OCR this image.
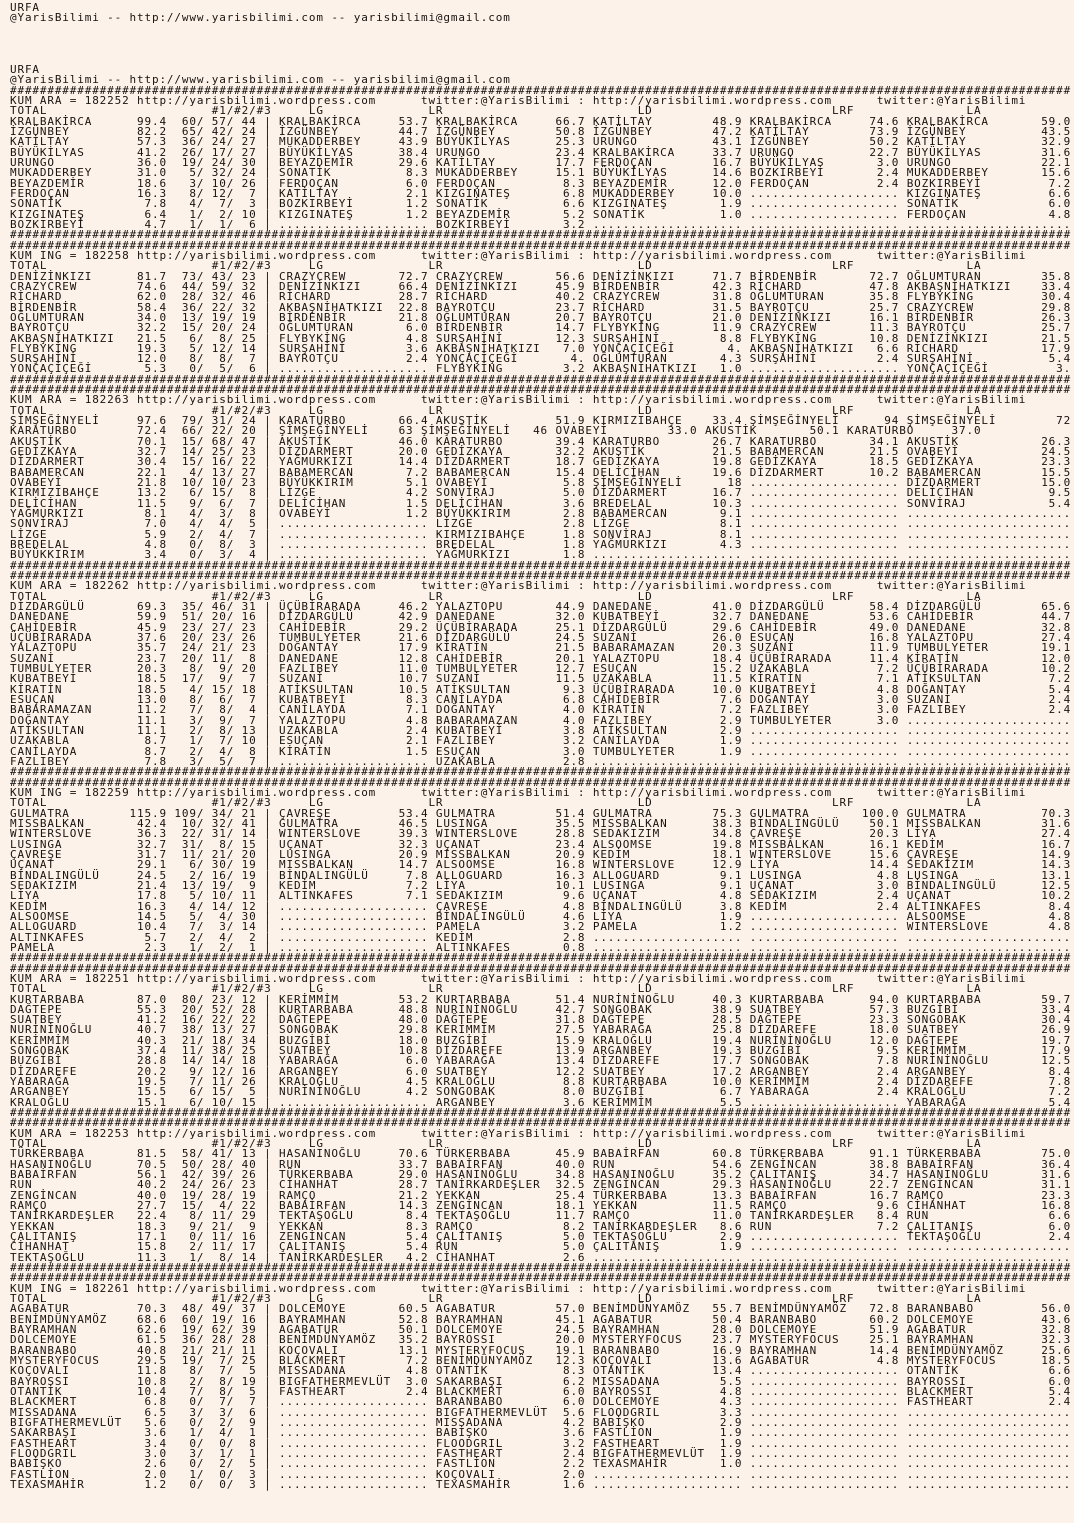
URFA
@YarisBilimi -- http://www.yarisbilimi.com -- yarisbilimi@gmail.com

URFA
@YarisBilimi -- http://www.yarisbilimi.com -- yarisbilimi@gmail.com

##############################################################################################################################################
KUM ARA = 182252 http://yarisbilimi.wordpress.com      twitter:@YarisBilimi : http://yarisbilimi.wordpress.com      twitter:@YarisBilimi
TOTAL                      #1/#2/#3     LG              LR                          LD                        LRF               LA
KRALBAKİRCA      99.4  60/ 57/ 44 | KRALBAKİRCA     53.7 KRALBAKİRCA     66.7 KATİLTAY        48.9 KRALBAKİRCA     74.6 KRALBAKİRCA       59.0
İZGÜNBEY         82.2  65/ 42/ 24 | İZGÜNBEY        44.7 İZGÜNBEY        50.8 İZGÜNBEY        47.2 KATİLTAY        73.9 İZGÜNBEY          43.5
KATİLTAY         57.3  36/ 24/ 27 | MUKADDERBEY     43.9 BÜYÜKİLYAS      25.3 URUNGO          43.1 İZGÜNBEY        50.2 KATİLTAY          32.9
BÜYÜKİLYAS       41.2  26/ 17/ 27 | BÜYÜKİLYAS      38.4 URUNGO          23.4 KRALBAKİRCA     33.7 URUNGO          22.7 BÜYÜKİLYAS        31.6
URUNGO           36.0  19/ 24/ 30 | BEYAZDEMİR      29.6 KATİLTAY        17.7 FERDOÇAN        16.7 BÜYÜKİLYAS       3.0 URUNGO            22.1
MUKADDERBEY      31.0   5/ 32/ 24 | SONATİK          8.3 MUKADDERBEY     15.1 BÜYÜKİLYAS      14.6 BOZKIRBEYİ       2.4 MUKADDERBEY       15.6
BEYAZDEMİR       18.6   3/ 10/ 26 | FERDOÇAN         6.0 FERDOÇAN         8.3 BEYAZDEMİR      12.0 FERDOÇAN         2.4 BOZKIRBEYİ         7.2
FERDOÇAN         16.3   8/ 12/  7 | KATİLTAY         2.1 KIZGINATEŞ       6.8 MUKADDERBEY     10.0 .................... KIZGINATEŞ         6.6
SONATİK           7.8   4/  7/  3 | BOZKIRBEYİ       1.2 SONATİK          6.6 KIZGINATEŞ       1.9 .................... SONATİK            6.0
KIZGINATEŞ        6.4   1/  2/ 10 | KIZGINATEŞ       1.2 BEYAZDEMİR       5.2 SONATİK          1.0 .................... FERDOÇAN           4.8
BOZKIRBEYİ        4.7   1/  1/  6 | .................... BOZKIRBEYİ       3.2 .................... .................... ......................
##############################################################################################################################################
##############################################################################################################################################
KUM ING = 182258 http://yarisbilimi.wordpress.com      twitter:@YarisBilimi : http://yarisbilimi.wordpress.com      twitter:@YarisBilimi
TOTAL                      #1/#2/#3     LG              LR                          LD                        LRF               LA
DENİZİNKIZI      81.7  73/ 43/ 23 | CRAZYCREW       72.7 CRAZYCREW       56.6 DENİZİNKIZI     71.7 BİRDENBİR       72.7 OĞLUMTURAN        35.8
CRAZYCREW        74.6  44/ 59/ 32 | DENİZİNKIZI     66.4 DENİZİNKIZI     45.9 BİRDENBİR       42.3 RİCHARD         47.8 AKBAŞNİHATKIZI    33.4
RİCHARD          62.0  28/ 32/ 46 | RİCHARD         28.7 RİCHARD         40.2 CRAZYCREW       31.8 OĞLUMTURAN      35.8 FLYBYKİNG         30.4
BİRDENBİR        58.4  36/ 22/ 32 | AKBAŞNİHATKIZI  22.8 BAYROTÇU        23.7 RİCHARD         31.5 BAYROTÇU        25.7 CRAZYCREW         29.8
OĞLUMTURAN       34.0  13/ 19/ 19 | BİRDENBİR       21.8 OĞLUMTURAN      20.7 BAYROTÇU        21.0 DENİZİNKIZI     16.1 BİRDENBİR         26.3
BAYROTÇU         32.2  15/ 20/ 24 | OĞLUMTURAN       6.0 BİRDENBİR       14.7 FLYBYKİNG       11.9 CRAZYCREW       11.3 BAYROTÇU          25.7
AKBAŞNİHATKIZI   21.5   6/  8/ 25 | FLYBYKİNG        4.8 SURŞAHİNİ       12.3 SURŞAHİNİ        8.8 FLYBYKİNG       10.8 DENİZİNKIZI       21.5
FLYBYKİNG        19.3   5/ 12/ 14 | SURŞAHİNİ        3.6 AKBAŞNİHATKIZI   7.0 YONÇAÇİÇEĞİ       4. AKBAŞNİHATKIZI   6.6 RİCHARD           17.9
SURŞAHİNİ        12.0   8/  8/  7 | BAYROTÇU         2.4 YONÇAÇİÇEĞİ       4. OĞLUMTURAN       4.3 SURŞAHİNİ        2.4 SURŞAHİNİ          5.4
YONÇAÇİÇEĞİ       5.3   0/  5/  6 | .................... FLYBYKİNG        3.2 AKBAŞNİHATKIZI   1.0 .................... YONÇAÇİÇEĞİ         3.
##############################################################################################################################################
##############################################################################################################################################
KUM ARA = 182263 http://yarisbilimi.wordpress.com      twitter:@YarisBilimi : http://yarisbilimi.wordpress.com      twitter:@YarisBilimi
TOTAL                      #1/#2/#3     LG              LR                          LD                        LRF               LA
ŞİMŞEĞİNYELİ     97.6  79/ 31/ 24 | KARATURBO       66.4 AKUSTİK         51.9 KIRMIZIBAHÇE    33.4 ŞİMŞEĞİNYELİ      94 ŞİMŞEĞİNYELİ        72
KARATURBO        72.4  66/ 22/ 20 | ŞİMŞEĞİNYELİ    63 ŞİMŞEĞİNYELİ   46 OVABEYİ        33.0 AKUSTİK       50.1 KARATURBO     37.0
AKUSTİK          70.1  15/ 68/ 47 | AKUSTİK         46.0 KARATURBO       39.4 KARATURBO       26.7 KARATURBO       34.1 AKUSTİK           26.3
GEDİZKAYA        32.7  14/ 25/ 23 | DİZDARMERT      20.0 GEDİZKAYA       32.2 AKUSTİK         21.5 BABAMERCAN      21.5 OVABEYİ           24.5
DİZDARMERT       30.4  15/ 16/ 22 | YAĞMURKIZI      14.4 DİZDARMERT      18.7 GEDİZKAYA       19.8 GEDİZKAYA       18.5 GEDİZKAYA         23.3
BABAMERCAN       22.1   4/ 13/ 27 | BABAMERCAN       7.2 BABAMERCAN      15.4 DELİCİHAN       19.6 DİZDARMERT      10.2 BABAMERCAN        15.5
OVABEYİ          21.8  10/ 10/ 23 | BÜYÜKKIRIM       5.1 OVABEYİ          5.8 ŞİMŞEĞİNYELİ      18 .................... DİZDARMERT        15.0
KIRMIZIBAHÇE     13.2   6/ 15/  8 | LİZGE            4.2 SONVİRAJ         5.0 DİZDARMERT      16.7 .................... DELİCİHAN          9.5
DELİCİHAN        11.5   9/  6/  7 | DELİCİHAN        1.5 DELİCİHAN        3.6 BREDELAL        10.3 .................... SONVİRAJ           5.4
YAĞMURKIZI        8.1   4/  3/  8 | OVABEYİ          1.2 BÜYÜKKIRIM       2.8 BABAMERCAN       9.1 .................... ......................
SONVİRAJ          7.0   4/  4/  5 | .................... LİZGE            2.8 LİZGE            8.1 .................... ......................
LİZGE             5.9   2/  4/  7 | .................... KIRMIZIBAHÇE     1.8 SONVİRAJ         8.1 .................... ......................
BREDELAL          4.8   0/  8/  3 | .................... BREDELAL         1.8 YAĞMURKIZI       4.3 .................... ......................
BÜYÜKKIRIM        3.4   0/  3/  4 | .................... YAĞMURKIZI       1.8 .................... .................... ......................
##############################################################################################################################################
##############################################################################################################################################
KUM ARA = 182262 http://yarisbilimi.wordpress.com      twitter:@YarisBilimi : http://yarisbilimi.wordpress.com      twitter:@YarisBilimi
TOTAL                      #1/#2/#3     LG              LR                          LD                        LRF               LA
DİZDARGÜLÜ       69.3  35/ 46/ 31 | ÜÇÜBİRARADA     46.2 YALAZTOPU       44.9 DANEDANE        41.0 DİZDARGÜLÜ      58.4 DİZDARGÜLÜ        65.6
DANEDANE         59.9  51/ 20/ 16 | DİZDARGÜLÜ      42.9 DANEDANE        32.0 KUBATBEYİ       32.7 DANEDANE        53.6 CAHİDEBİR         44.7
CAHİDEBİR        45.9  23/ 27/ 23 | CAHİDEBİR       29.2 ÜÇÜBİRARADA     25.1 DİZDARGÜLÜ      29.6 CAHİDEBİR       49.0 DANEDANE          32.8
ÜÇÜBİRARADA      37.6  20/ 23/ 26 | TUMBULYETER     21.6 DİZDARGÜLÜ      24.5 SUZANİ          26.0 ESUÇAN          16.8 YALAZTOPU         27.4
YALAZTOPU        35.7  24/ 21/ 23 | DOĞANTAY        17.9 KİRATİN         21.5 BABARAMAZAN     20.3 SUZANİ          11.9 TUMBULYETER       19.1
SUZANİ           23.7  20/ 11/  8 | DANEDANE        12.8 CAHİDEBİR       20.1 YALAZTOPU       18.4 ÜÇÜBİRARADA     11.4 KİRATİN           12.0
TUMBULYETER      20.3   8/  9/ 20 | FAZLIBEY        11.0 TUMBULYETER     12.7 ESUÇAN          15.2 UZAKABLA         7.2 ÜÇÜBİRARADA       10.2
KUBATBEYİ        18.5  17/  9/  7 | SUZANİ          10.7 SUZANİ          11.5 UZAKABLA        11.5 KİRATİN          7.1 ATİKSULTAN         7.2
KİRATİN          18.5   4/ 15/ 18 | ATİKSULTAN      10.5 ATİKSULTAN       9.3 ÜÇÜBİRARADA     10.0 KUBATBEYİ        4.8 DOĞANTAY           5.4
ESUÇAN           13.0   8/  6/  7 | KUBATBEYİ        8.3 CANİLAYDA        6.8 CAHİDEBİR        7.6 DOĞANTAY         3.0 SUZANİ             2.4
BABARAMAZAN      11.2   7/  8/  4 | CANİLAYDA        7.1 DOĞANTAY         4.0 KİRATİN          7.2 FAZLIBEY         3.0 FAZLIBEY           2.4
DOĞANTAY         11.1   3/  9/  7 | YALAZTOPU        4.8 BABARAMAZAN      4.0 FAZLIBEY         2.9 TUMBULYETER      3.0 ......................
ATİKSULTAN       11.1   2/  8/ 13 | UZAKABLA         2.4 KUBATBEYİ        3.8 ATİKSULTAN       2.9 .................... ......................
UZAKABLA          8.7   1/  7/ 10 | ESUÇAN           2.1 FAZLIBEY         3.2 CANİLAYDA        1.9 .................... ......................
CANİLAYDA         8.7   2/  4/  8 | KİRATİN          1.5 ESUÇAN           3.0 TUMBULYETER      1.9 .................... ......................
FAZLIBEY          7.8   3/  5/  7 | .................... UZAKABLA         2.8 .................... .................... ......................
##############################################################################################################################################
##############################################################################################################################################
KUM ING = 182259 http://yarisbilimi.wordpress.com      twitter:@YarisBilimi : http://yarisbilimi.wordpress.com      twitter:@YarisBilimi
TOTAL                      #1/#2/#3     LG              LR                          LD                        LRF               LA
GULMATRA        115.9 109/ 34/ 21 | ÇAVREŞE         53.4 GULMATRA        51.4 GULMATRA        75.3 GULMATRA       100.0 GULMATRA          70.3
MISSBALKAN       42.4  10/ 32/ 41 | GULMATRA        46.5 LUSINGA         35.5 MISSBALKAN      38.3 BİNDALINGÜLÜ    50.1 MISSBALKAN        31.6
WINTERSLOVE      36.3  22/ 31/ 14 | WINTERSLOVE     39.3 WINTERSLOVE     28.8 SEDAKIZIM       34.8 ÇAVREŞE         20.3 LİYA              27.4
LUSINGA          32.7  31/  8/ 15 | UÇANAT          32.3 UÇANAT          23.4 ALSOOMSE        19.8 MISSBALKAN      16.1 KEDİM             16.7
ÇAVREŞE          31.7  11/ 21/ 20 | LUSINGA         20.9 MISSBALKAN      20.9 KEDİM           18.1 WINTERSLOVE     15.6 ÇAVREŞE           14.9
UÇANAT           29.1   6/ 30/ 19 | MISSBALKAN      14.7 ALSOOMSE        16.8 WINTERSLOVE     12.9 LİYA            14.4 SEDAKIZIM         14.3
BİNDALINGÜLÜ     24.5   2/ 16/ 19 | BİNDALINGÜLÜ     7.8 ALLOGUARD       16.3 ALLOGUARD        9.1 LUSINGA          4.8 LUSINGA           13.1
SEDAKIZIM        21.4  13/ 19/  9 | KEDİM            7.2 LİYA            10.1 LUSINGA          9.1 UÇANAT           3.0 BİNDALINGÜLÜ      12.5
LİYA             17.8   5/ 10/ 11 | ALTINKAFES       7.1 SEDAKIZIM        9.6 UÇANAT           4.8 SEDAKIZIM        2.4 UÇANAT            10.2
KEDİM            16.3   4/ 14/ 12 | .................... ÇAVREŞE          4.8 BİNDALINGÜLÜ     3.8 KEDİM            2.4 ALTINKAFES         8.4
ALSOOMSE         14.5   5/  4/ 30 | .................... BİNDALINGÜLÜ     4.6 LİYA             1.9 .................... ALSOOMSE           4.8
ALLOGUARD        10.4   7/  3/ 14 | .................... PAMELA           3.2 PAMELA           1.2 .................... WINTERSLOVE        4.8
ALTINKAFES        5.7   2/  4/  2 | .................... KEDİM            2.8 .................... .................... ......................
PAMELA            2.3   1/  2/  1 | .................... ALTINKAFES       0.8 .................... .................... ......................
##############################################################################################################################################
##############################################################################################################################################
KUM ARA = 182251 http://yarisbilimi.wordpress.com      twitter:@YarisBilimi : http://yarisbilimi.wordpress.com      twitter:@YarisBilimi
TOTAL                      #1/#2/#3     LG              LR                          LD                        LRF               LA
KURTARBABA       87.0  80/ 23/ 12 | KERİMMİM        53.2 KURTARBABA      51.4 NURİNİNOĞLU     40.3 KURTARBABA      94.0 KURTARBABA        59.7
DAĞTEPE          55.3  20/ 52/ 28 | KURTARBABA      48.8 NURİNİNOĞLU     42.7 SONGOBAK        38.9 SUATBEY         57.3 BUZGİBİ           33.4
SUATBEY          41.2  16/ 22/ 22 | DAĞTEPE         48.0 DAĞTEPE         31.8 DAĞTEPE         28.5 DAĞTEPE         23.3 SONGOBAK          30.4
NURİNİNOĞLU      40.7  38/ 13/ 27 | SONGOBAK        29.8 KERİMMİM        27.5 YABARAĞA        25.8 DİZDAREFE       18.0 SUATBEY           26.9
KERİMMİM         40.3  21/ 18/ 34 | BUZGİBİ         18.0 BUZGİBİ         15.9 KRALOĞLU        19.4 NURİNİNOĞLU     12.0 DAĞTEPE           19.7
SONGOBAK         37.4  11/ 38/ 25 | SUATBEY         10.8 DİZDAREFE       13.9 ARGANBEY        19.3 BUZGİBİ          9.5 KERİMMİM          17.9
BUZGİBİ          28.8  14/ 14/ 18 | YABARAĞA         6.0 YABARAĞA        13.4 DİZDAREFE       17.7 SONGOBAK         7.8 NURİNİNOĞLU       12.5
DİZDAREFE        20.2   9/ 12/ 16 | ARGANBEY         6.0 SUATBEY         12.2 SUATBEY         17.2 ARGANBEY         2.4 ARGANBEY           8.4
YABARAĞA         19.5   7/ 11/ 26 | KRALOĞLU         4.5 KRALOĞLU         8.8 KURTARBABA      10.0 KERİMMİM         2.4 DİZDAREFE          7.8
ARGANBEY         15.5   6/ 15/  5 | NURİNİNOĞLU      4.2 SONGOBAK         8.0 BUZGİBİ          6.7 YABARAĞA         2.4 KRALOĞLU           7.2
KRALOĞLU         15.1   6/ 10/ 15 | .................... ARGANBEY         3.6 KERİMMİM         5.5 .................... YABARAĞA           5.4
##############################################################################################################################################
##############################################################################################################################################
KUM ARA = 182253 http://yarisbilimi.wordpress.com      twitter:@YarisBilimi : http://yarisbilimi.wordpress.com      twitter:@YarisBilimi
TOTAL                      #1/#2/#3     LG              LR                          LD                        LRF               LA
TÜRKERBABA       81.5  58/ 41/ 13 | HASANINOĞLU     70.6 TÜRKERBABA      45.9 BABAİRFAN       60.8 TÜRKERBABA      91.1 TÜRKERBABA        75.0
HASANINOĞLU      70.5  50/ 28/ 40 | RUN             33.7 BABAİRFAN       40.0 RUN             54.6 ZENGİNCAN       38.8 BABAİRFAN         36.4
BABAİRFAN        56.1  42/ 39/ 26 | TÜRKERBABA      29.0 HASANINOĞLU     34.8 HASANINOĞLU     35.2 ÇALITANIŞ       34.7 HASANINOĞLU       31.6
RUN              40.2  24/ 26/ 23 | CİHANHAT        28.7 TANİRKARDEŞLER  32.5 ZENGİNCAN       29.3 HASANINOĞLU     22.7 ZENGİNCAN         31.1
ZENGİNCAN        40.0  19/ 28/ 19 | RAMÇO           21.2 YEKKAN          25.4 TÜRKERBABA      13.3 BABAİRFAN       16.7 RAMÇO             23.3
RAMÇO            27.7  15/  4/ 22 | BABAİRFAN       14.3 ZENGİNCAN       18.1 YEKKAN          11.5 RAMÇO            9.6 CİHANHAT          16.8
TANİRKARDEŞLER   22.4   8/ 11/ 29 | TEKTAŞOĞLU       8.4 TEKTAŞOĞLU      11.7 RAMÇO           11.0 TANİRKARDEŞLER   8.4 RUN                6.6
YEKKAN           18.3   9/ 21/  9 | YEKKAN           8.3 RAMÇO            8.2 TANİRKARDEŞLER   8.6 RUN              7.2 ÇALITANIŞ          6.0
ÇALITANIŞ        17.1   0/ 11/ 16 | ZENGİNCAN        5.4 ÇALITANIŞ        5.0 TEKTAŞOĞLU       2.9 .................... TEKTAŞOĞLU         2.4
CİHANHAT         15.8   2/ 11/ 17 | ÇALITANIŞ        5.4 RUN              5.0 ÇALITANIŞ        1.9 .................... ......................
TEKTAŞOĞLU       11.3   1/  8/ 14 | TANİRKARDEŞLER   4.2 CİHANHAT         2.6 .................... .................... ......................
##############################################################################################################################################
##############################################################################################################################################
KUM ING = 182261 http://yarisbilimi.wordpress.com      twitter:@YarisBilimi : http://yarisbilimi.wordpress.com      twitter:@YarisBilimi
TOTAL                      #1/#2/#3     LG              LR                          LD                        LRF               LA
AGABATUR         70.3  48/ 49/ 37 | DOLCEMOYE       60.5 AGABATUR        57.0 BENİMDÜNYAMÖZ   55.7 BENİMDÜNYAMÖZ   72.8 BARANBABO         56.0
BENİMDÜNYAMÖZ    68.6  60/ 19/ 16 | BAYRAMHAN       52.8 BAYRAMHAN       45.1 AGABATUR        50.4 BARANBABO       60.2 DOLCEMOYE         43.6
BAYRAMHAN        62.6  19/ 62/ 39 | AGABATUR        50.1 DOLCEMOYE       24.5 BAYRAMHAN       28.0 DOLCEMOYE       51.9 AGABATUR          32.8
DOLCEMOYE        61.5  36/ 28/ 28 | BENİMDÜNYAMÖZ   35.2 BAYROSSI        20.0 MYSTERYFOCUS    23.7 MYSTERYFOCUS    25.1 BAYRAMHAN         32.3
BARANBABO        40.8  21/ 21/ 11 | KOÇOVALI        13.1 MYSTERYFOCUS    19.1 BARANBABO       16.9 BAYRAMHAN       14.4 BENİMDÜNYAMÖZ     25.6
MYSTERYFOCUS     29.5  19/  7/ 25 | BLACKMERT        7.2 BENİMDÜNYAMÖZ   12.3 KOÇOVALI        13.6 AGABATUR         4.8 MYSTERYFOCUS      18.5
KOÇOVALI         11.8   8/  7/  5 | MISSADANA        4.8 OTANTİK          8.3 OTANTİK         13.4 .................... OTANTİK            6.6
BAYROSSI         10.8   2/  8/ 19 | BIGFATHERMEVLÜT  3.0 SAKARBAŞI        6.2 MISSADANA        5.5 .................... BAYROSSI           6.0
OTANTİK          10.4   7/  8/  5 | FASTHEART        2.4 BLACKMERT        6.0 BAYROSSI         4.8 .................... BLACKMERT          5.4
BLACKMERT         6.8   0/  7/  7 | .................... BARANBABO        6.0 DOLCEMOYE        4.3 .................... FASTHEART          2.4
MISSADANA         6.5   3/  3/  6 | .................... BIGFATHERMEVLÜT  5.6 FLOODGRIL        3.3 .................... ......................
BIGFATHERMEVLÜT   5.6   0/  2/  9 | .................... MISSADANA        4.2 BABİŞKO          2.9 .................... ......................
SAKARBAŞI         3.6   1/  4/  1 | .................... BABİŞKO          3.6 FASTLİON         1.9 .................... ......................
FASTHEART         3.4   0/  0/  8 | .................... FLOODGRIL        3.2 FASTHEART        1.9 .................... ......................
FLOODGRIL         3.0   3/  1/  1 | .................... FASTHEART        2.4 BIGFATHERMEVLÜT  1.9 .................... ......................
BABİŞKO           2.6   0/  2/  5 | .................... FASTLİON         2.2 TEXASMAHİR       1.0 .................... ......................
FASTLİON          2.0   1/  0/  3 | .................... KOÇOVALI         2.0 .................... .................... ......................
TEXASMAHİR        1.2   0/  0/  3 | .................... TEXASMAHİR       1.6 .................... .................... ......................
